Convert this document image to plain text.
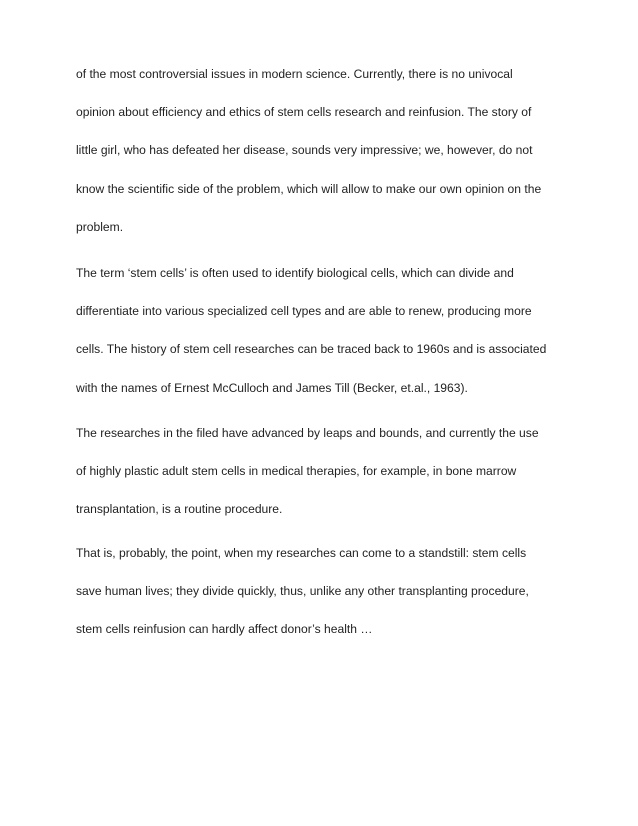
of the most controversial issues in modern science. Currently, there is no univocal
opinion about efficiency and ethics of stem cells research and reinfusion. The story of
little girl, who has defeated her disease, sounds very impressive; we, however, do not
know the scientific side of the problem, which will allow to make our own opinion on the
problem.

The term ‘stem cells’ is often used to identify biological cells, which can divide and
differentiate into various specialized cell types and are able to renew, producing more
cells. The history of stem cell researches can be traced back to 1960s and is associated
with the names of Ernest McCulloch and James Till (Becker, et.al., 1963).

The researches in the filed have advanced by leaps and bounds, and currently the use
of highly plastic adult stem cells in medical therapies, for example, in bone marrow
transplantation, is a routine procedure.

That is, probably, the point, when my researches can come to a standstill: stem cells
save human lives; they divide quickly, thus, unlike any other transplanting procedure,
stem cells reinfusion can hardly affect donor’s health …
